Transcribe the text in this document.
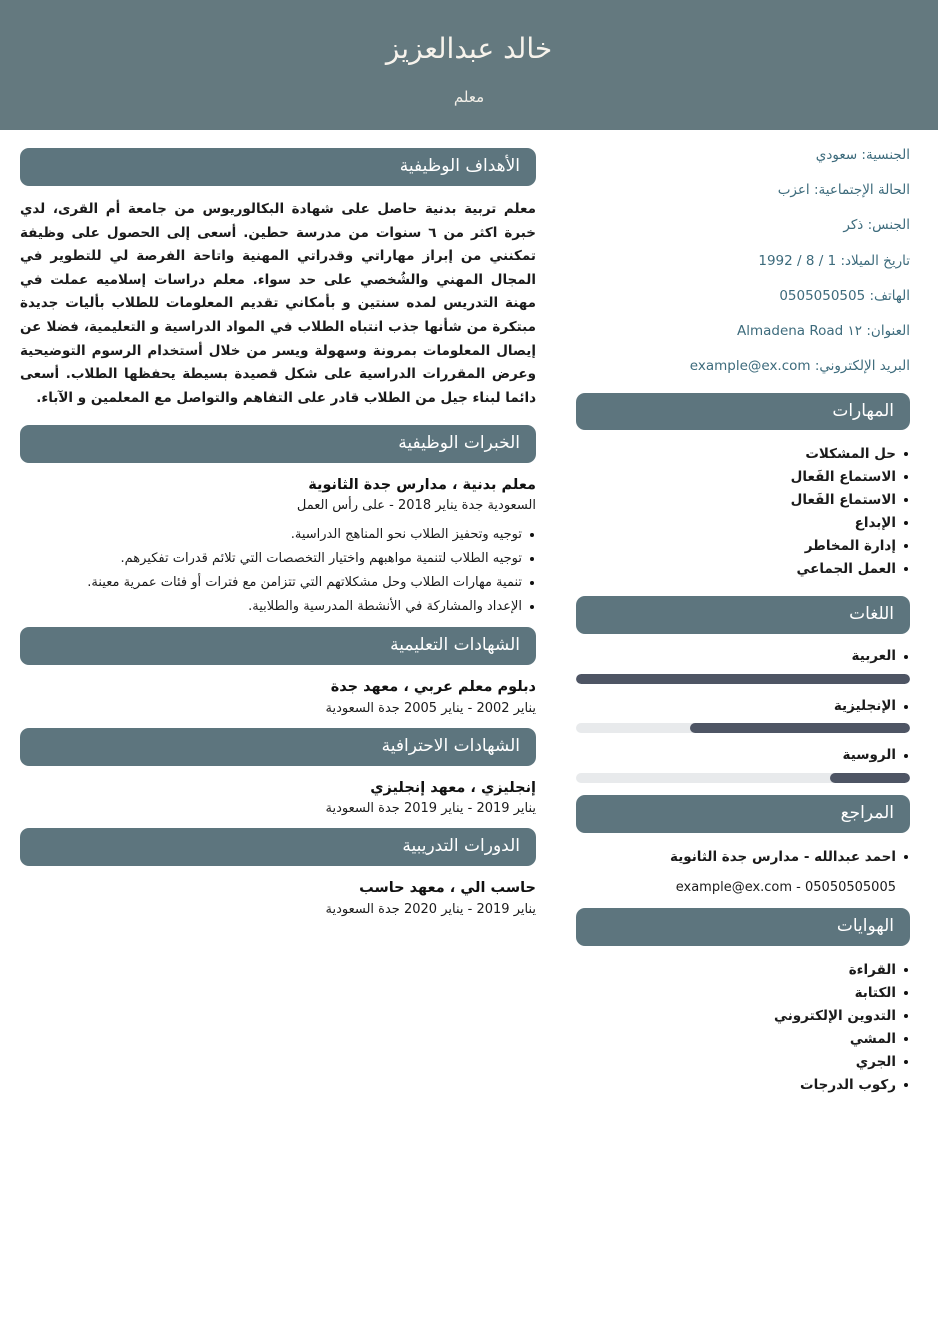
خالد عبدالعزيز
معلم
الجنسية: سعودي
الحالة الإجتماعية: اعزب
الجنس: ذكر
تاريخ الميلاد: 1 / 8 / 1992
الهاتف: 0505050505
العنوان: ١٢ Almadena Road
البريد الإلكتروني: example@ex.com
المهارات
حل المشكلات
الاستماع الفَعال
الاستماع الفَعال
الإبداع
إدارة المخاطر
العمل الجماعي
اللغات
العربية
الإنجليزية
الروسية
المراجع
احمد عبدالله - مدارس جدة الثانوية
example@ex.com - 05050505005
الهوايات
القراءة
الكتابة
التدوين الإلكتروني
المشي
الجري
ركوب الدرجات
الأهداف الوظيفية
معلم تربية بدنية حاصل على شهادة البكالوريوس من جامعة أم القرى، لدي خبرة اكثر من ٦ سنوات من مدرسة حطين. أسعى إلى الحصول على وظيفة تمكنني من إبراز مهاراتي وقدراتي المهنية واتاحة الفرصة لي للتطوير في المجال المهني والشُخصي على حد سواء. معلم دراسات إسلاميه عملت في مهنة التدريس لمده سنتين و بأمكاني تقديم المعلومات للطلاب بأليات جديدة مبتكرة من شأنها جذب انتباه الطلاب في المواد الدراسية و التعليمية، فضلا عن إيصال المعلومات بمرونة وسهولة ويسر من خلال أستخدام الرسوم التوضيحية وعرض المقررات الدراسية على شكل قصيدة بسيطة يحفظها الطلاب. أسعى دائما لبناء جيل من الطلاب قادر على التفاهم والتواصل مع المعلمين و الآباء.
الخبرات الوظيفية
معلم بدنية ، مدارس جدة الثانوية
السعودية جدة يناير 2018 - على رأس العمل
توجيه وتحفيز الطلاب نحو المناهج الدراسية.
توجيه الطلاب لتنمية مواهبهم واختيار التخصصات التي تلائم قدرات تفكيرهم.
تنمية مهارات الطلاب وحل مشكلاتهم التي تتزامن مع فترات أو فئات عمرية معينة.
الإعداد والمشاركة في الأنشطة المدرسية والطلابية.
الشهادات التعليمية
دبلوم معلم عربي ، معهد جدة
يناير 2002 - يناير 2005 جدة السعودية
الشهادات الاحترافية
إنجليزي ، معهد إنجليزي
يناير 2019 - يناير 2019 جدة السعودية
الدورات التدريبية
حاسب الي ، معهد حاسب
يناير 2019 - يناير 2020 جدة السعودية
